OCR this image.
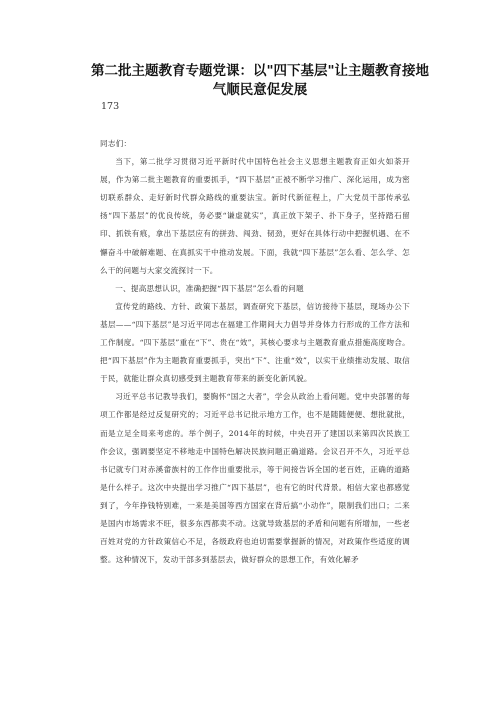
第二批主题教育专题党课：以"四下基层"让主题教育接地气顺民意促发展

173

同志们：

当下，第二批学习贯彻习近平新时代中国特色社会主义思想主题教育正如火如荼开展，作为第二批主题教育的重要抓手，“四下基层”正被不断学习推广、深化运用，成为密切联系群众、走好新时代群众路线的重要法宝。新时代新征程上，广大党员干部传承弘扬“四下基层”的优良传统，务必要“谦虚就实”，真正放下架子、扑下身子，坚持踏石留印、抓铁有痕，拿出下基层应有的拼劲、闯劲、韧劲，更好在具体行动中把握机遇、在不懈奋斗中破解难题、在真抓实干中推动发展。下面，我就“四下基层”怎么看、怎么学、怎么干的问题与大家交流探讨一下。

一、提高思想认识，准确把握“四下基层”怎么看的问题

宣传党的路线、方针、政策下基层，调查研究下基层，信访接待下基层，现场办公下基层——“四下基层”是习近平同志在福建工作期间大力倡导并身体力行形成的工作方法和工作制度。“四下基层”重在“下”、贵在“效”，其核心要求与主题教育重点措施高度吻合。把“四下基层”作为主题教育重要抓手，突出“下”、注重“效”，以实干业绩推动发展、取信于民，就能让群众真切感受到主题教育带来的新变化新风貌。

习近平总书记教导我们，要胸怀“国之大者”，学会从政治上看问题。党中央部署的每项工作都是经过反复研究的；习近平总书记批示地方工作，也不是随随便便、想批就批，而是立足全局来考虑的。举个例子，2014年的时候，中央召开了建国以来第四次民族工作会议，强调要坚定不移地走中国特色解决民族问题正确道路。会议召开不久，习近平总书记就专门对赤溪畲族村的工作作出重要批示，等于间接告诉全国的老百姓，正确的道路是什么样子。这次中央提出学习推广“四下基层”，也有它的时代背景。相信大家也都感觉到了，今年挣钱特别难，一来是美国等西方国家在背后搞“小动作”，限制我们出口；二来是国内市场需求不旺，很多东西都卖不动。这就导致基层的矛盾和问题有所增加，一些老百姓对党的方针政策信心不足，各级政府也迫切需要掌握新的情况，对政策作些适度的调整。这种情况下，发动干部多到基层去，做好群众的思想工作，有效化解矛
